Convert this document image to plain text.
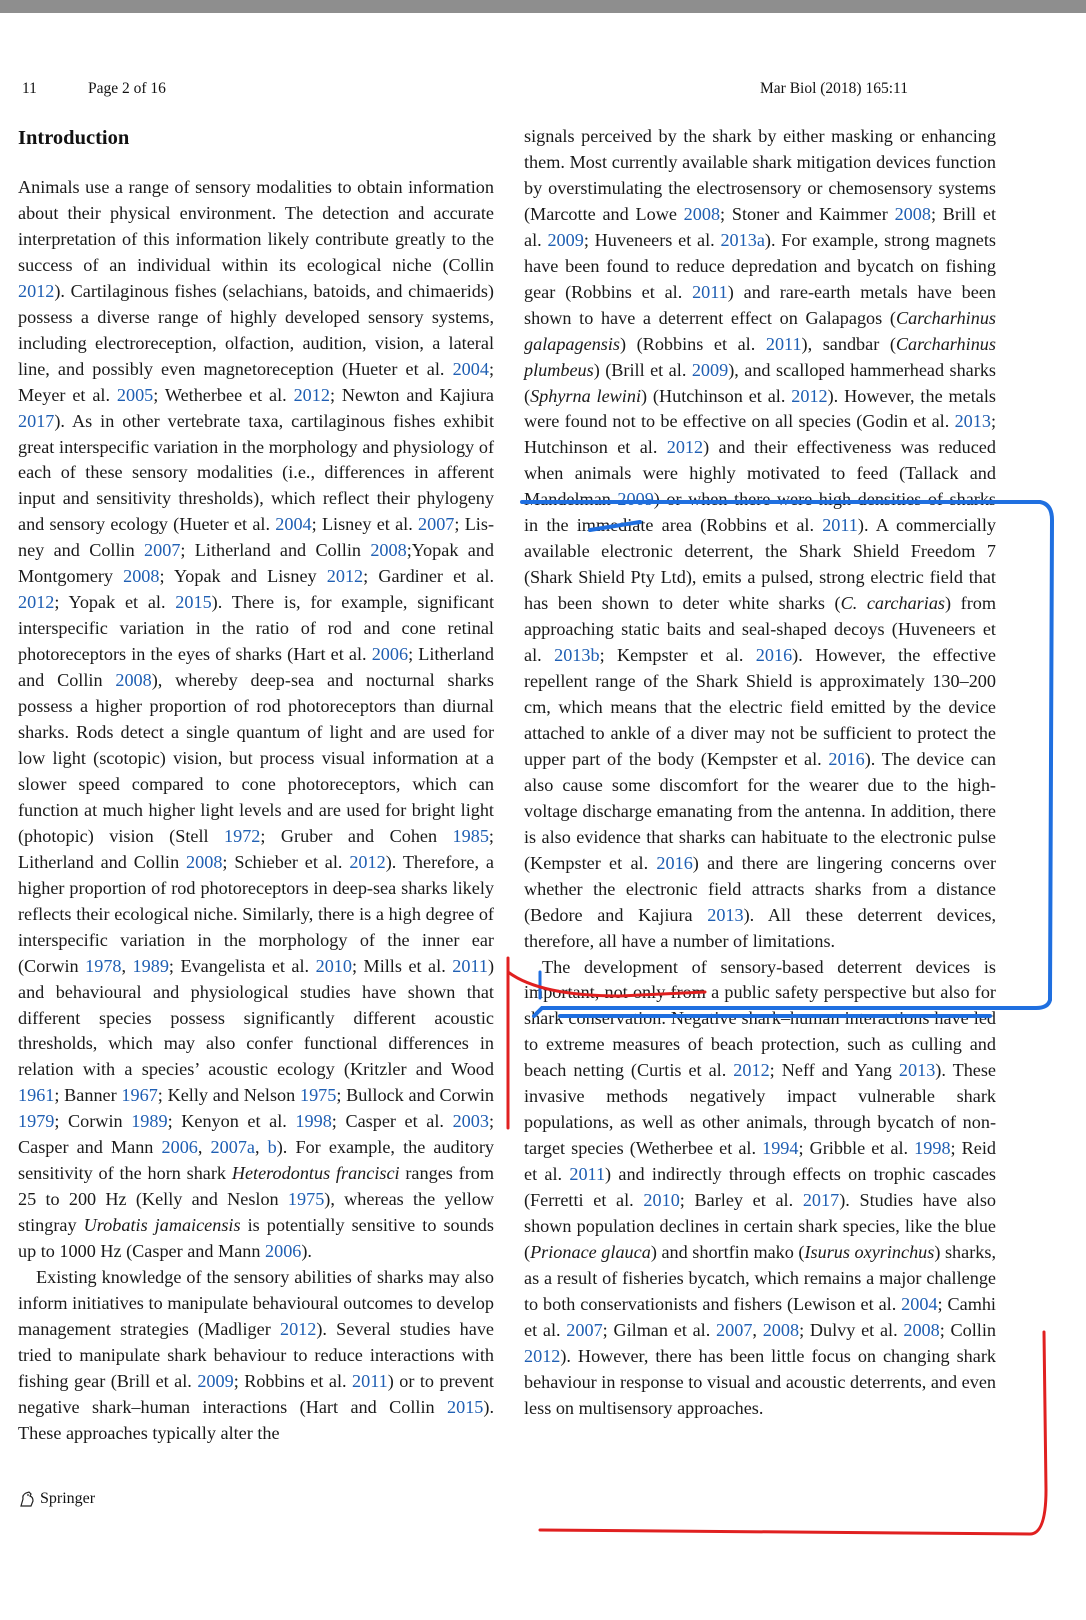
11	Page 2 of 16	Mar Biol (2018) 165:11
Introduction

Animals use a range of sensory modalities to obtain information about their physical environment. The detection and accurate interpretation of this information likely contribute greatly to the success of an individual within its ecological niche (Collin 2012). Cartilaginous fishes (selachians, batoids, and chimaerids) possess a diverse range of highly developed sensory systems, including electroreception, olfaction, audition, vision, a lateral line, and possibly even magnetoreception (Hueter et al. 2004; Meyer et al. 2005; Wetherbee et al. 2012; Newton and Kajiura 2017). As in other vertebrate taxa, cartilaginous fishes exhibit great interspecific variation in the morphology and physiology of each of these sensory modalities (i.e., differences in afferent input and sensitivity thresholds), which reflect their phylogeny and sensory ecology (Hueter et al. 2004; Lisney et al. 2007; Lisney and Collin 2007; Litherland and Collin 2008;Yopak and Montgomery 2008; Yopak and Lisney 2012; Gardiner et al. 2012; Yopak et al. 2015). There is, for example, significant interspecific variation in the ratio of rod and cone retinal photoreceptors in the eyes of sharks (Hart et al. 2006; Litherland and Collin 2008), whereby deep-sea and nocturnal sharks possess a higher proportion of rod photoreceptors than diurnal sharks. Rods detect a single quantum of light and are used for low light (scotopic) vision, but process visual information at a slower speed compared to cone photoreceptors, which can function at much higher light levels and are used for bright light (photopic) vision (Stell 1972; Gruber and Cohen 1985; Litherland and Collin 2008; Schieber et al. 2012). Therefore, a higher proportion of rod photoreceptors in deep-sea sharks likely reflects their ecological niche. Similarly, there is a high degree of interspecific variation in the morphology of the inner ear (Corwin 1978, 1989; Evangelista et al. 2010; Mills et al. 2011) and behavioural and physiological studies have shown that different species possess significantly different acoustic thresholds, which may also confer functional differences in relation with a species’ acoustic ecology (Kritzler and Wood 1961; Banner 1967; Kelly and Nelson 1975; Bullock and Corwin 1979; Corwin 1989; Kenyon et al. 1998; Casper et al. 2003; Casper and Mann 2006, 2007a, b). For example, the auditory sensitivity of the horn shark Heterodontus francisci ranges from 25 to 200 Hz (Kelly and Neslon 1975), whereas the yellow stingray Urobatis jamaicensis is potentially sensitive to sounds up to 1000 Hz (Casper and Mann 2006).

Existing knowledge of the sensory abilities of sharks may also inform initiatives to manipulate behavioural outcomes to develop management strategies (Madliger 2012). Several studies have tried to manipulate shark behaviour to reduce interactions with fishing gear (Brill et al. 2009; Robbins et al. 2011) or to prevent negative shark–human interactions (Hart and Collin 2015). These approaches typically alter the

signals perceived by the shark by either masking or enhancing them. Most currently available shark mitigation devices function by overstimulating the electrosensory or chemosensory systems (Marcotte and Lowe 2008; Stoner and Kaimmer 2008; Brill et al. 2009; Huveneers et al. 2013a). For example, strong magnets have been found to reduce depredation and bycatch on fishing gear (Robbins et al. 2011) and rare-earth metals have been shown to have a deterrent effect on Galapagos (Carcharhinus galapagensis) (Robbins et al. 2011), sandbar (Carcharhinus plumbeus) (Brill et al. 2009), and scalloped hammerhead sharks (Sphyrna lewini) (Hutchinson et al. 2012). However, the metals were found not to be effective on all species (Godin et al. 2013; Hutchinson et al. 2012) and their effectiveness was reduced when animals were highly motivated to feed (Tallack and Mandelman 2009) or when there were high densities of sharks in the immediate area (Robbins et al. 2011). A commercially available electronic deterrent, the Shark Shield Freedom 7 (Shark Shield Pty Ltd), emits a pulsed, strong electric field that has been shown to deter white sharks (C. carcharias) from approaching static baits and seal-shaped decoys (Huveneers et al. 2013b; Kempster et al. 2016). However, the effective repellent range of the Shark Shield is approximately 130–200 cm, which means that the electric field emitted by the device attached to ankle of a diver may not be sufficient to protect the upper part of the body (Kempster et al. 2016). The device can also cause some discomfort for the wearer due to the high-voltage discharge emanating from the antenna. In addition, there is also evidence that sharks can habituate to the electronic pulse (Kempster et al. 2016) and there are lingering concerns over whether the electronic field attracts sharks from a distance (Bedore and Kajiura 2013). All these deterrent devices, therefore, all have a number of limitations.

The development of sensory-based deterrent devices is important, not only from a public safety perspective but also for shark conservation. Negative shark–human interactions have led to extreme measures of beach protection, such as culling and beach netting (Curtis et al. 2012; Neff and Yang 2013). These invasive methods negatively impact vulnerable shark populations, as well as other animals, through bycatch of non-target species (Wetherbee et al. 1994; Gribble et al. 1998; Reid et al. 2011) and indirectly through effects on trophic cascades (Ferretti et al. 2010; Barley et al. 2017). Studies have also shown population declines in certain shark species, like the blue (Prionace glauca) and shortfin mako (Isurus oxyrinchus) sharks, as a result of fisheries bycatch, which remains a major challenge to both conservationists and fishers (Lewison et al. 2004; Camhi et al. 2007; Gilman et al. 2007, 2008; Dulvy et al. 2008; Collin 2012). However, there has been little focus on changing shark behaviour in response to visual and acoustic deterrents, and even less on multisensory approaches.

Springer
